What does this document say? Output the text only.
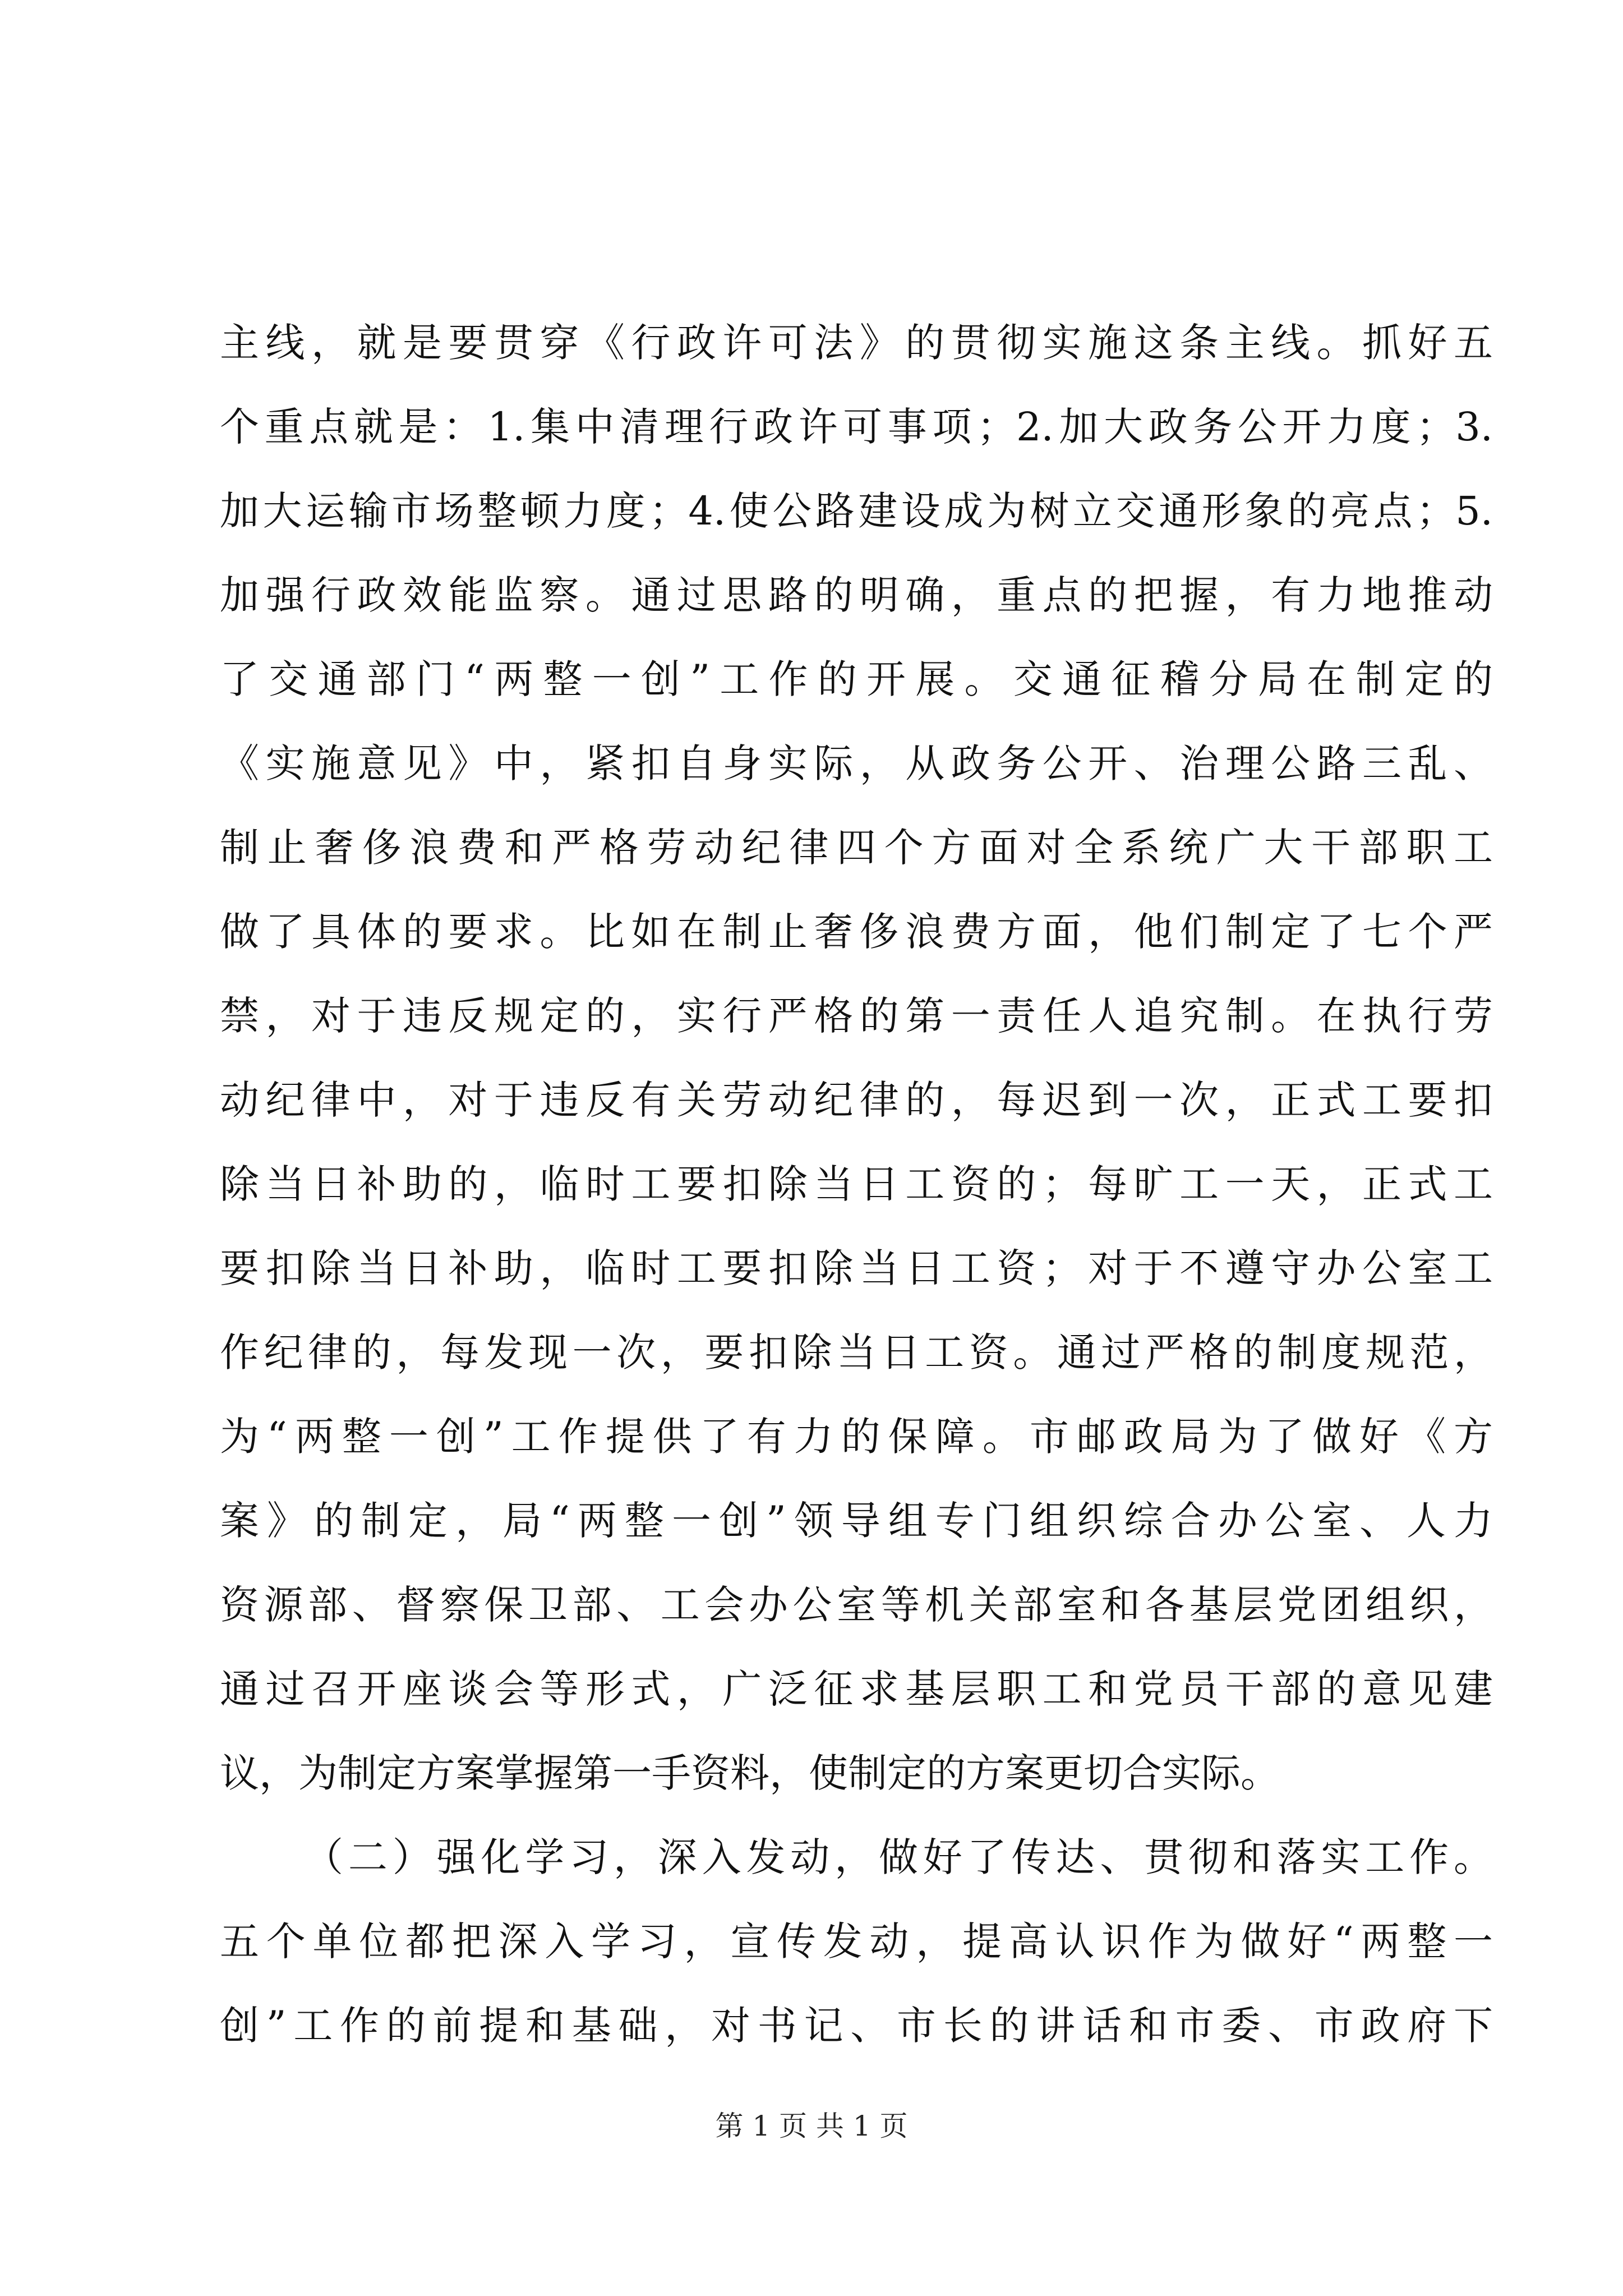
主线，就是要贯穿《行政许可法》的贯彻实施这条主线。抓好五
个重点就是：1.集中清理行政许可事项；2.加大政务公开力度；3.
加大运输市场整顿力度；4.使公路建设成为树立交通形象的亮点；5.
加强行政效能监察。通过思路的明确，重点的把握，有力地推动
了交通部门“两整一创”工作的开展。交通征稽分局在制定的
《实施意见》中，紧扣自身实际，从政务公开、治理公路三乱、
制止奢侈浪费和严格劳动纪律四个方面对全系统广大干部职工
做了具体的要求。比如在制止奢侈浪费方面，他们制定了七个严
禁，对于违反规定的，实行严格的第一责任人追究制。在执行劳
动纪律中，对于违反有关劳动纪律的，每迟到一次，正式工要扣
除当日补助的，临时工要扣除当日工资的；每旷工一天，正式工
要扣除当日补助，临时工要扣除当日工资；对于不遵守办公室工
作纪律的，每发现一次，要扣除当日工资。通过严格的制度规范，
为“两整一创”工作提供了有力的保障。市邮政局为了做好《方
案》的制定，局“两整一创”领导组专门组织综合办公室、人力
资源部、督察保卫部、工会办公室等机关部室和各基层党团组织，
通过召开座谈会等形式，广泛征求基层职工和党员干部的意见建
议，为制定方案掌握第一手资料，使制定的方案更切合实际。
（二）强化学习，深入发动，做好了传达、贯彻和落实工作。
五个单位都把深入学习，宣传发动，提高认识作为做好“两整一
创”工作的前提和基础，对书记、市长的讲话和市委、市政府下
第 1 页 共 1 页
